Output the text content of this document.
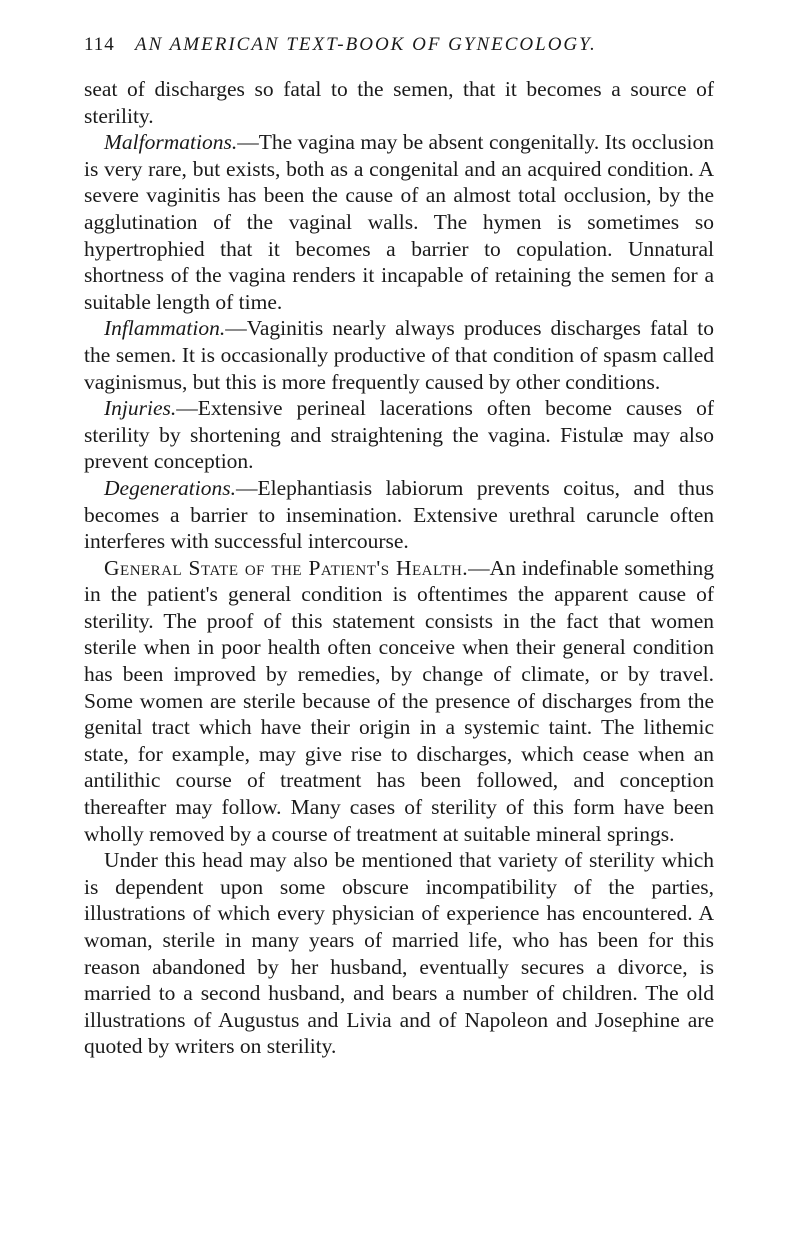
114 AN AMERICAN TEXT-BOOK OF GYNECOLOGY.

seat of discharges so fatal to the semen, that it becomes a source of sterility.

Malformations.—The vagina may be absent congenitally. Its occlusion is very rare, but exists, both as a congenital and an acquired condition. A severe vaginitis has been the cause of an almost total occlusion, by the agglutination of the vaginal walls. The hymen is sometimes so hypertrophied that it becomes a barrier to copulation. Unnatural shortness of the vagina renders it incapable of retaining the semen for a suitable length of time.

Inflammation.—Vaginitis nearly always produces discharges fatal to the semen. It is occasionally productive of that condition of spasm called vaginismus, but this is more frequently caused by other conditions.

Injuries.—Extensive perineal lacerations often become causes of sterility by shortening and straightening the vagina. Fistulæ may also prevent conception.

Degenerations.—Elephantiasis labiorum prevents coitus, and thus becomes a barrier to insemination. Extensive urethral caruncle often interferes with successful intercourse.

General State of the Patient's Health.—An indefinable something in the patient's general condition is oftentimes the apparent cause of sterility. The proof of this statement consists in the fact that women sterile when in poor health often conceive when their general condition has been improved by remedies, by change of climate, or by travel. Some women are sterile because of the presence of discharges from the genital tract which have their origin in a systemic taint. The lithemic state, for example, may give rise to discharges, which cease when an antilithic course of treatment has been followed, and conception thereafter may follow. Many cases of sterility of this form have been wholly removed by a course of treatment at suitable mineral springs.

Under this head may also be mentioned that variety of sterility which is dependent upon some obscure incompatibility of the parties, illustrations of which every physician of experience has encountered. A woman, sterile in many years of married life, who has been for this reason abandoned by her husband, eventually secures a divorce, is married to a second husband, and bears a number of children. The old illustrations of Augustus and Livia and of Napoleon and Josephine are quoted by writers on sterility.
